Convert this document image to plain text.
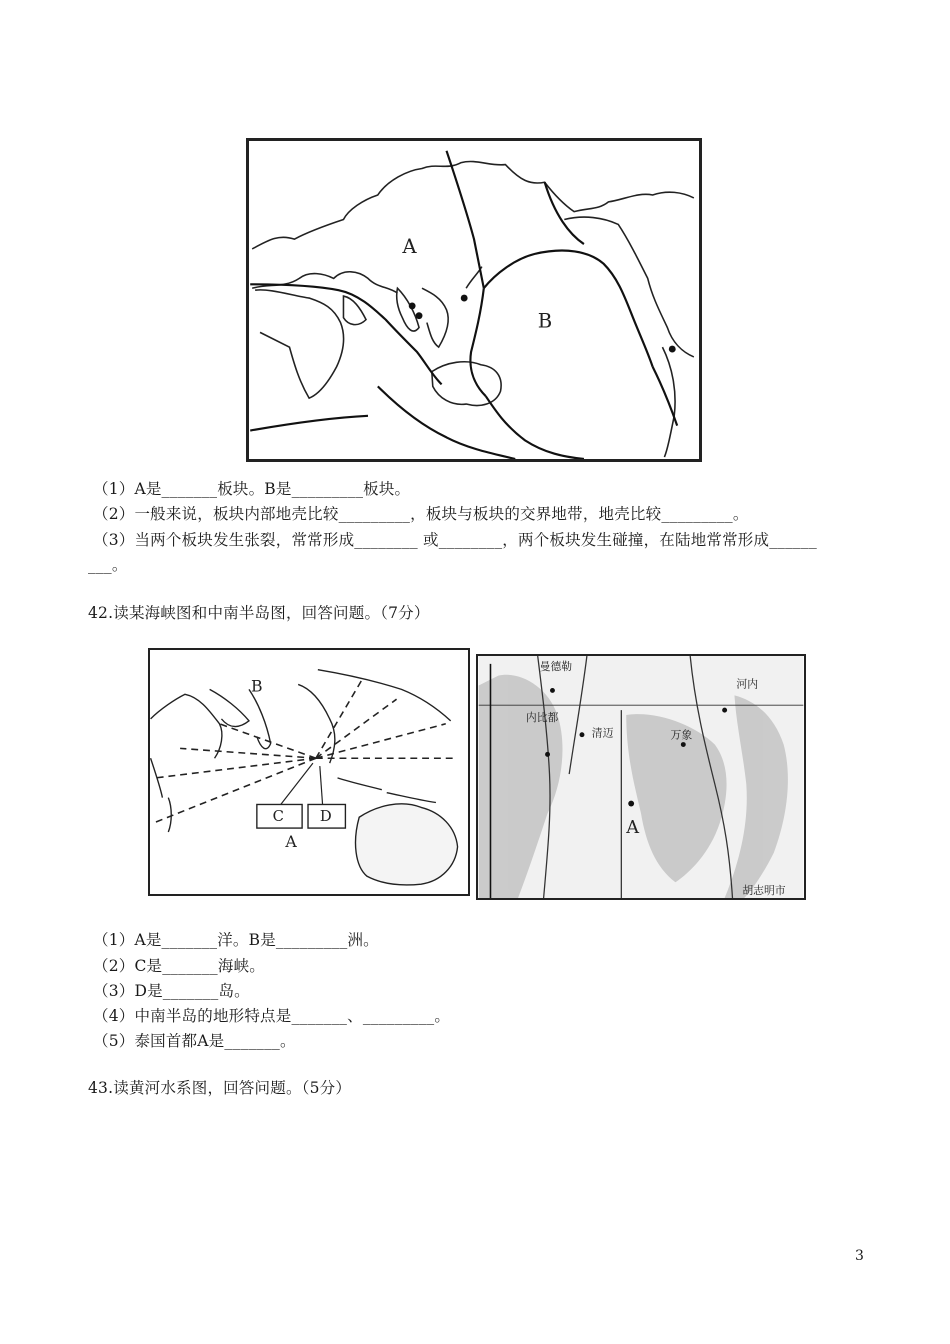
A
B
（1）A是_______板块。B是_________板块。
（2）一般来说，板块内部地壳比较_________，板块与板块的交界地带，地壳比较_________。
（3）当两个板块发生张裂，常常形成________ 或________，两个板块发生碰撞，在陆地常常形成______
___。
42.读某海峡图和中南半岛图，回答问题。（7分）
C D
B
A
曼德勒
内比都
清迈	万象
河内
A
胡志明市
（1）A是_______洋。B是_________洲。
（2）C是_______海峡。
（3）D是_______岛。
（4）中南半岛的地形特点是_______、_________。
（5）泰国首都A是_______。
43.读黄河水系图，回答问题。（5分）
3
